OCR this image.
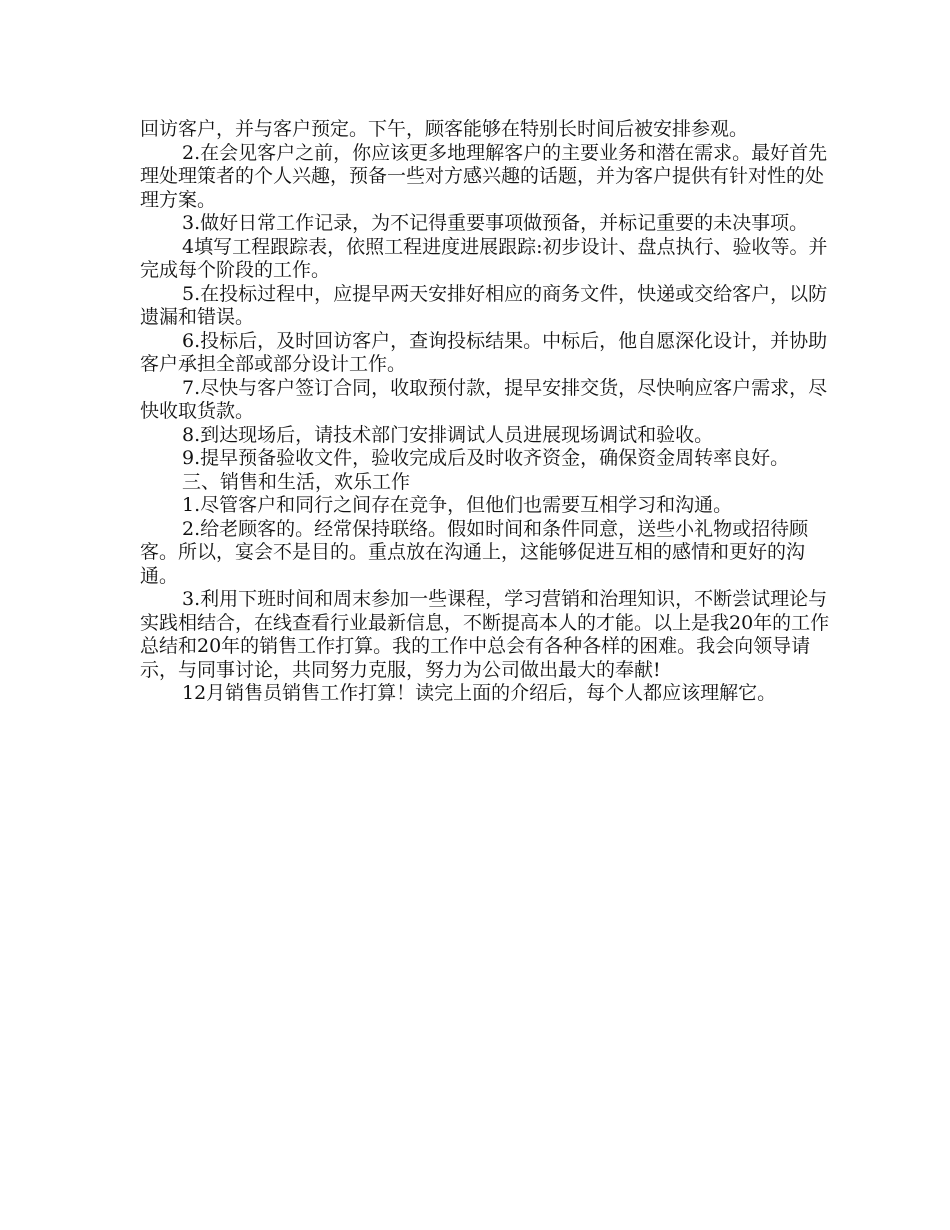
回访客户，并与客户预定。下午，顾客能够在特别长时间后被安排参观。

2.在会见客户之前，你应该更多地理解客户的主要业务和潜在需求。最好首先理处理策者的个人兴趣，预备一些对方感兴趣的话题，并为客户提供有针对性的处理方案。

3.做好日常工作记录，为不记得重要事项做预备，并标记重要的未决事项。

4填写工程跟踪表，依照工程进度进展跟踪:初步设计、盘点执行、验收等。并完成每个阶段的工作。

5.在投标过程中，应提早两天安排好相应的商务文件，快递或交给客户，以防遗漏和错误。

6.投标后，及时回访客户，查询投标结果。中标后，他自愿深化设计，并协助客户承担全部或部分设计工作。

7.尽快与客户签订合同，收取预付款，提早安排交货，尽快响应客户需求，尽快收取货款。

8.到达现场后，请技术部门安排调试人员进展现场调试和验收。

9.提早预备验收文件，验收完成后及时收齐资金，确保资金周转率良好。

三、销售和生活，欢乐工作

1.尽管客户和同行之间存在竞争，但他们也需要互相学习和沟通。

2.给老顾客的。经常保持联络。假如时间和条件同意，送些小礼物或招待顾客。所以，宴会不是目的。重点放在沟通上，这能够促进互相的感情和更好的沟通。

3.利用下班时间和周末参加一些课程，学习营销和治理知识，不断尝试理论与实践相结合，在线查看行业最新信息，不断提高本人的才能。以上是我20年的工作总结和20年的销售工作打算。我的工作中总会有各种各样的困难。我会向领导请示，与同事讨论，共同努力克服，努力为公司做出最大的奉献!

12月销售员销售工作打算！读完上面的介绍后，每个人都应该理解它。
